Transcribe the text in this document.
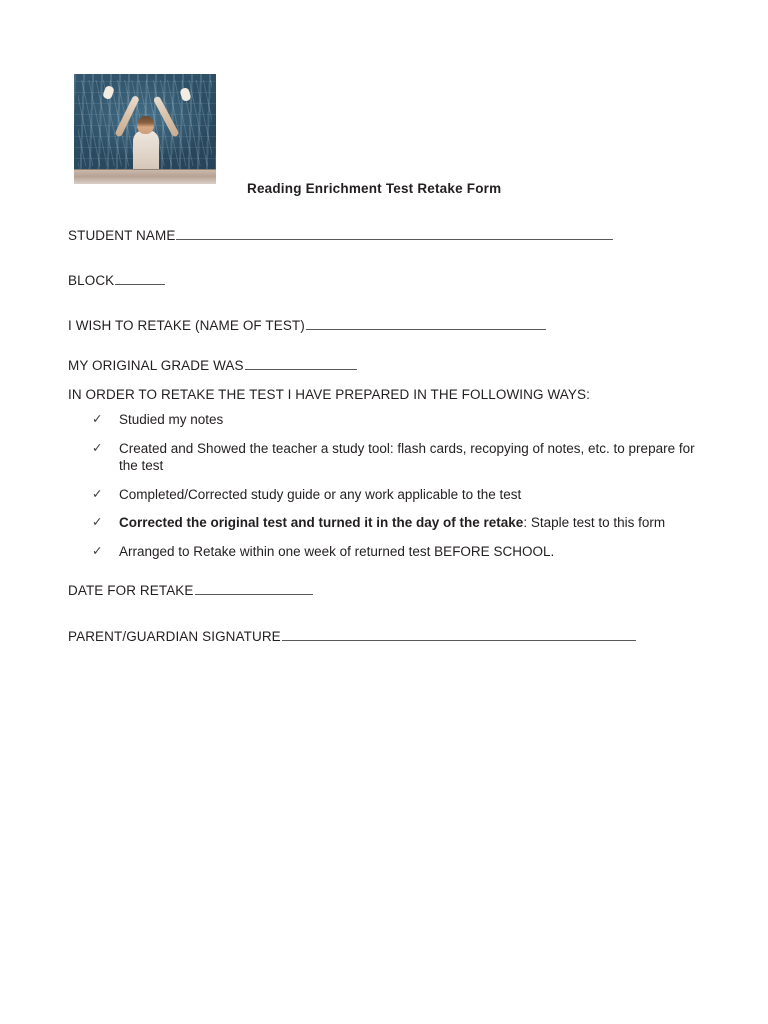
Reading Enrichment Test Retake Form
STUDENT NAME
BLOCK
I WISH TO RETAKE (NAME OF TEST)
MY ORIGINAL GRADE WAS
IN ORDER TO RETAKE THE TEST I HAVE PREPARED IN THE FOLLOWING WAYS:
✓ Studied my notes
✓ Created and Showed the teacher a study tool: flash cards, recopying of notes, etc. to prepare for the test
✓ Completed/Corrected study guide or any work applicable to the test
✓ Corrected the original test and turned it in the day of the retake: Staple test to this form
✓ Arranged to Retake within one week of returned test BEFORE SCHOOL.
DATE FOR RETAKE
PARENT/GUARDIAN SIGNATURE
